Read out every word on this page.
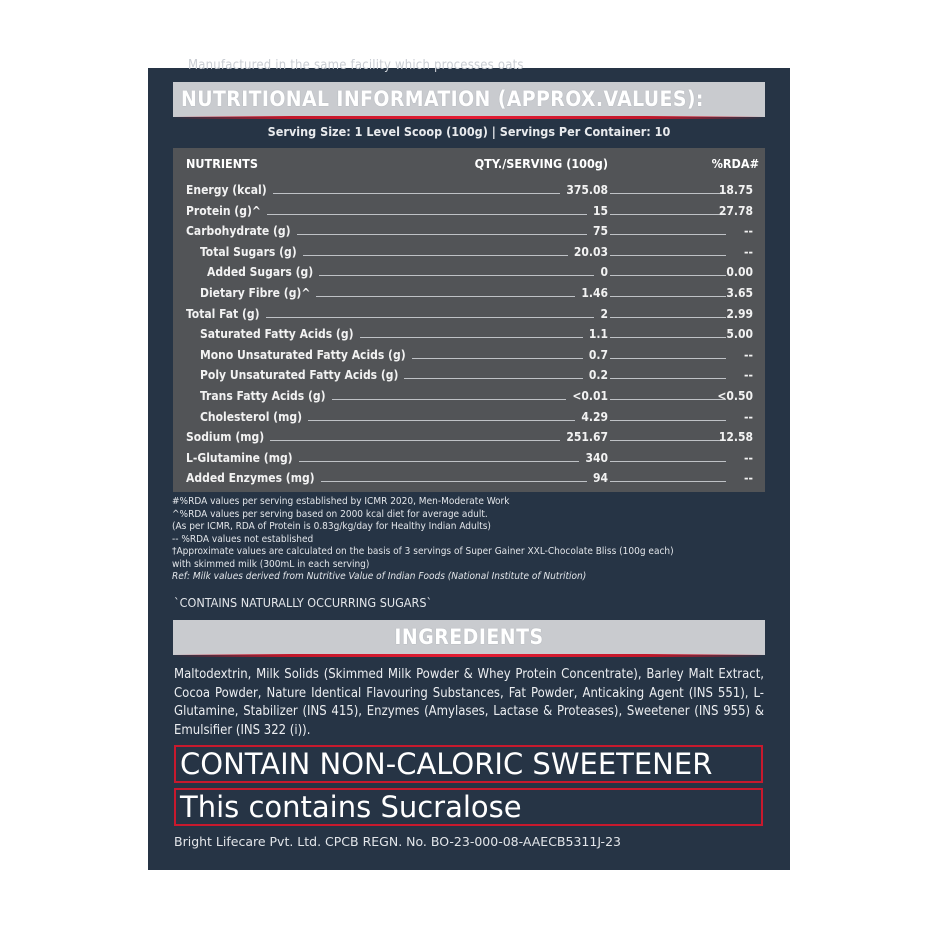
Manufactured in the same facility which processes oats
NUTRITIONAL INFORMATION (APPROX.VALUES):
Serving Size: 1 Level Scoop (100g) | Servings Per Container: 10
NUTRIENTS	QTY./SERVING (100g)	%RDA#
Energy (kcal)	375.08	18.75
Protein (g)^	15	27.78
Carbohydrate (g)	75	--
Total Sugars (g)	20.03	--
Added Sugars (g)	0	0.00
Dietary Fibre (g)^	1.46	3.65
Total Fat (g)	2	2.99
Saturated Fatty Acids (g)	1.1	5.00
Mono Unsaturated Fatty Acids (g)	0.7	--
Poly Unsaturated Fatty Acids (g)	0.2	--
Trans Fatty Acids (g)	<0.01	<0.50
Cholesterol (mg)	4.29	--
Sodium (mg)	251.67	12.58
L-Glutamine (mg)	340	--
Added Enzymes (mg)	94	--
#%RDA values per serving established by ICMR 2020, Men-Moderate Work
^%RDA values per serving based on 2000 kcal diet for average adult.
(As per ICMR, RDA of Protein is 0.83g/kg/day for Healthy Indian Adults)
-- %RDA values not established
†Approximate values are calculated on the basis of 3 servings of Super Gainer XXL-Chocolate Bliss (100g each)
with skimmed milk (300mL in each serving)
Ref: Milk values derived from Nutritive Value of Indian Foods (National Institute of Nutrition)
`CONTAINS NATURALLY OCCURRING SUGARS`
INGREDIENTS
Maltodextrin, Milk Solids (Skimmed Milk Powder & Whey Protein Concentrate), Barley Malt Extract, Cocoa Powder, Nature Identical Flavouring Substances, Fat Powder, Anticaking Agent (INS 551), L-Glutamine, Stabilizer (INS 415), Enzymes (Amylases, Lactase & Proteases), Sweetener (INS 955) & Emulsifier (INS 322 (i)).
CONTAIN NON-CALORIC SWEETENER
This contains Sucralose
Bright Lifecare Pvt. Ltd. CPCB REGN. No. BO-23-000-08-AAECB5311J-23
